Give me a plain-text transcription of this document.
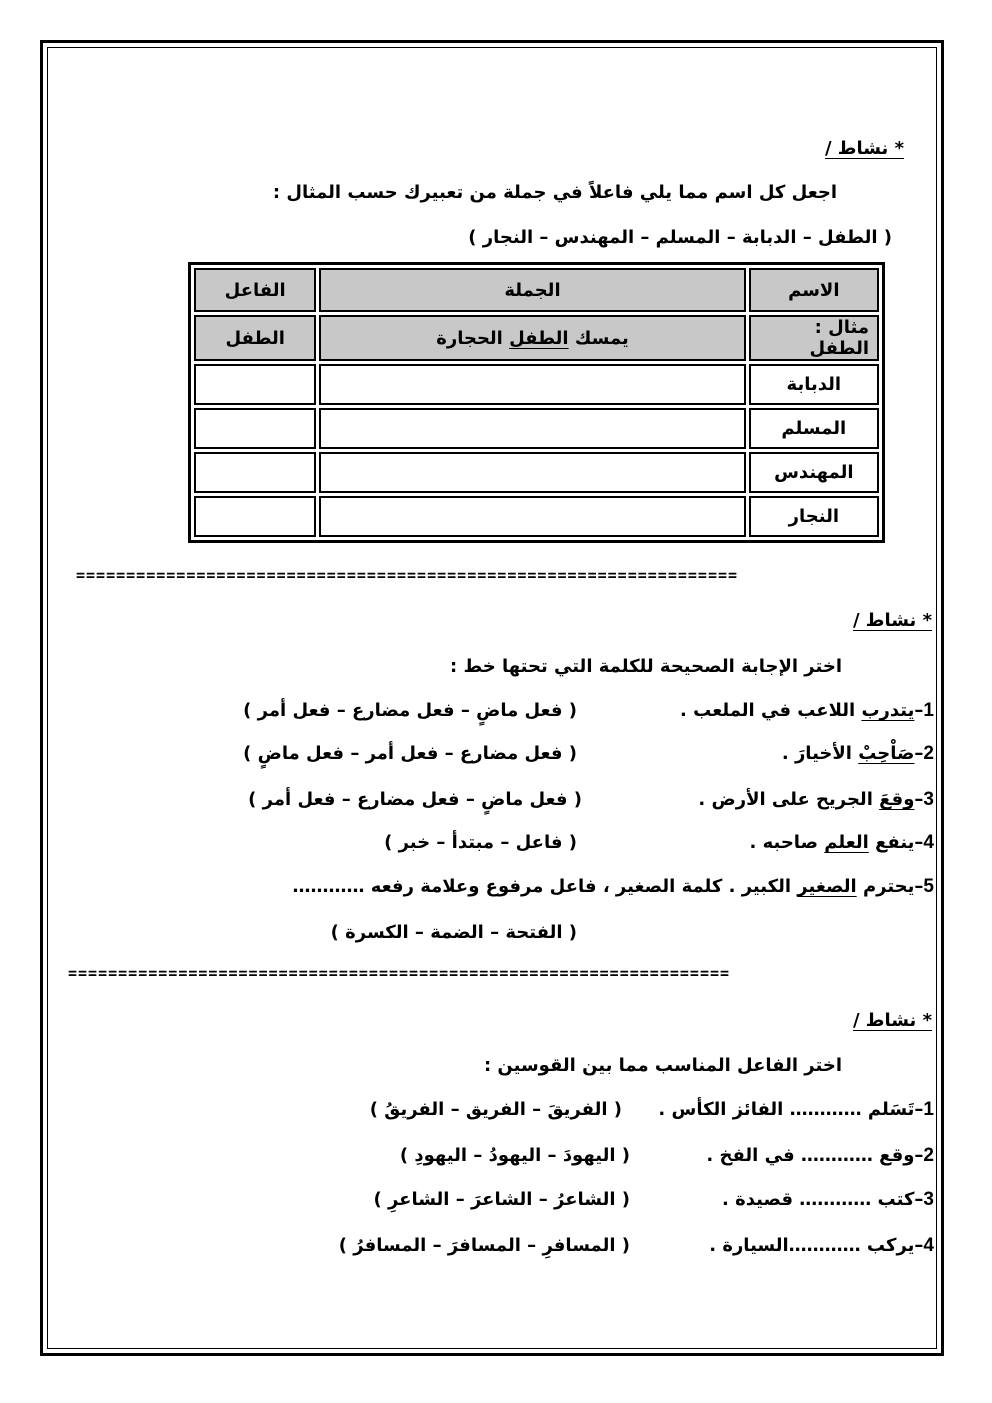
* نشاط /
اجعل كل اسم مما يلي فاعلاً في جملة من تعبيرك حسب المثال :
( الطفل – الدبابة – المسلم – المهندس – النجار )
الاسم	الجملة	الفاعل
مثال : الطفل	يمسك الطفل الحجارة	الطفل
الدبابة		
المسلم		
المهندس		
النجار		
==================================================================
* نشاط /
اختر الإجابة الصحيحة للكلمة التي تحتها خط :
1–يتدرب اللاعب في الملعب .
( فعل ماضٍ – فعل مضارع – فعل أمر )
2–صَاْحِبْ الأخيارَ .
( فعل مضارع – فعل أمر – فعل ماضٍ )
3–وقعَ الجريح على الأرض .
( فعل ماضٍ – فعل مضارع – فعل أمر )
4–ينفع العلم صاحبه .
( فاعل – مبتدأ – خبر )
5–يحترم الصغير الكبير . كلمة الصغير ، فاعل مرفوع وعلامة رفعه …………
( الفتحة – الضمة – الكسرة )
==================================================================
* نشاط /
اختر الفاعل المناسب مما بين القوسين :
1–تَسَلم ………… الفائز الكأس .
( الفريقَ – الفريق – الفريقُ )
2–وقع ………… في الفخ .
( اليهودَ – اليهودُ – اليهودِ )
3–كتب ………… قصيدة .
( الشاعرُ – الشاعرَ – الشاعرِ )
4–يركب …………السيارة .
( المسافرِ – المسافرَ – المسافرُ )
